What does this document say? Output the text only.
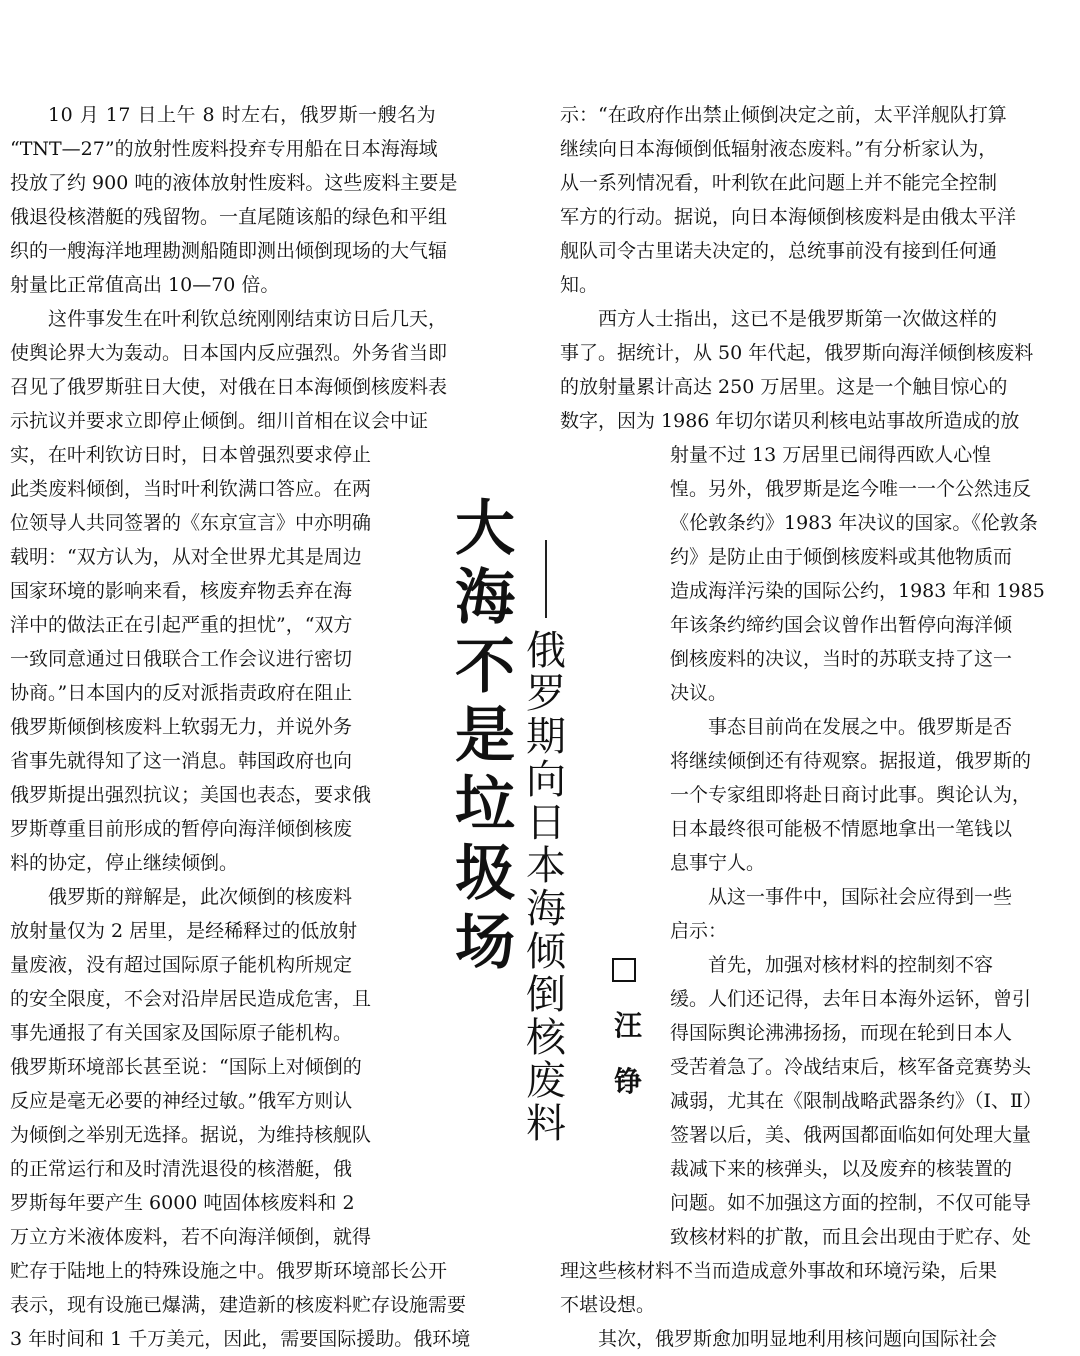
10 月 17 日上午 8 时左右，俄罗斯一艘名为
“TNT—27”的放射性废料投弃专用船在日本海海域
投放了约 900 吨的液体放射性废料。这些废料主要是
俄退役核潜艇的残留物。一直尾随该船的绿色和平组
织的一艘海洋地理勘测船随即测出倾倒现场的大气辐
射量比正常值高出 10—70 倍。
这件事发生在叶利钦总统刚刚结束访日后几天，
使舆论界大为轰动。日本国内反应强烈。外务省当即
召见了俄罗斯驻日大使，对俄在日本海倾倒核废料表
示抗议并要求立即停止倾倒。细川首相在议会中证
实，在叶利钦访日时，日本曾强烈要求停止
此类废料倾倒，当时叶利钦满口答应。在两
位领导人共同签署的《东京宣言》中亦明确
载明：“双方认为，从对全世界尤其是周边
国家环境的影响来看，核废弃物丢弃在海
洋中的做法正在引起严重的担忧”，“双方
一致同意通过日俄联合工作会议进行密切
协商。”日本国内的反对派指责政府在阻止
俄罗斯倾倒核废料上软弱无力，并说外务
省事先就得知了这一消息。韩国政府也向
俄罗斯提出强烈抗议；美国也表态，要求俄
罗斯尊重目前形成的暂停向海洋倾倒核废
料的协定，停止继续倾倒。
俄罗斯的辩解是，此次倾倒的核废料
放射量仅为 2 居里，是经稀释过的低放射
量废液，没有超过国际原子能机构所规定
的安全限度，不会对沿岸居民造成危害，且
事先通报了有关国家及国际原子能机构。
俄罗斯环境部长甚至说：“国际上对倾倒的
反应是毫无必要的神经过敏。”俄军方则认
为倾倒之举别无选择。据说，为维持核舰队
的正常运行和及时清洗退役的核潜艇，俄
罗斯每年要产生 6000 吨固体核废料和 2
万立方米液体废料，若不向海洋倾倒，就得
贮存于陆地上的特殊设施之中。俄罗斯环境部长公开
表示，现有设施已爆满，建造新的核废料贮存设施需要
3 年时间和 1 千万美元，因此，需要国际援助。俄环境
大
海
不
是
垃
圾
场
俄
罗
期
向
日
本
海
倾
倒
核
废
料
汪
铮
示：“在政府作出禁止倾倒决定之前，太平洋舰队打算
继续向日本海倾倒低辐射液态废料。”有分析家认为，
从一系列情况看，叶利钦在此问题上并不能完全控制
军方的行动。据说，向日本海倾倒核废料是由俄太平洋
舰队司令古里诺夫决定的，总统事前没有接到任何通
知。
西方人士指出，这已不是俄罗斯第一次做这样的
事了。据统计，从 50 年代起，俄罗斯向海洋倾倒核废料
的放射量累计高达 250 万居里。这是一个触目惊心的
数字，因为 1986 年切尔诺贝利核电站事故所造成的放
射量不过 13 万居里已闹得西欧人心惶
惶。另外，俄罗斯是迄今唯一一个公然违反
《伦敦条约》1983 年决议的国家。《伦敦条
约》是防止由于倾倒核废料或其他物质而
造成海洋污染的国际公约，1983 年和 1985
年该条约缔约国会议曾作出暂停向海洋倾
倒核废料的决议，当时的苏联支持了这一
决议。
事态目前尚在发展之中。俄罗斯是否
将继续倾倒还有待观察。据报道，俄罗斯的
一个专家组即将赴日商讨此事。舆论认为，
日本最终很可能极不情愿地拿出一笔钱以
息事宁人。
从这一事件中，国际社会应得到一些
启示：
首先，加强对核材料的控制刻不容
缓。人们还记得，去年日本海外运钚，曾引
得国际舆论沸沸扬扬，而现在轮到日本人
受苦着急了。冷战结束后，核军备竞赛势头
减弱，尤其在《限制战略武器条约》（Ⅰ、Ⅱ）
签署以后，美、俄两国都面临如何处理大量
裁减下来的核弹头，以及废弃的核装置的
问题。如不加强这方面的控制，不仅可能导
致核材料的扩散，而且会出现由于贮存、处
理这些核材料不当而造成意外事故和环境污染，后果
不堪设想。
其次，俄罗斯愈加明显地利用核问题向国际社会
